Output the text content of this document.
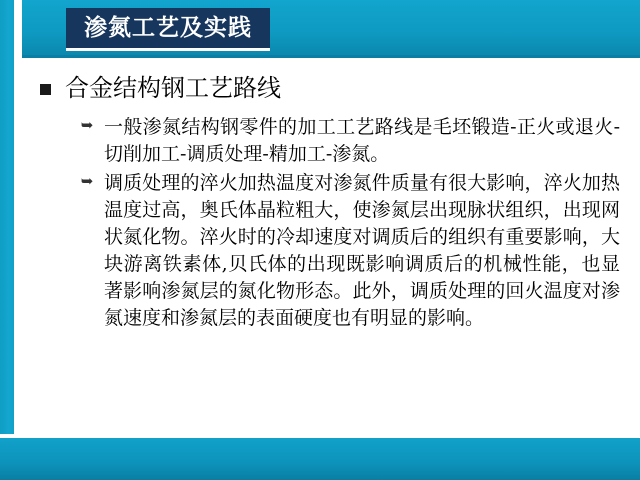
渗氮工艺及实践
合金结构钢工艺路线
➥ 一般渗氮结构钢零件的加工工艺路线是毛坯锻造-正火或退火-切削加工-调质处理-精加工-渗氮。
➥ 调质处理的淬火加热温度对渗氮件质量有很大影响，淬火加热温度过高，奥氏体晶粒粗大，使渗氮层出现脉状组织，出现网状氮化物。淬火时的冷却速度对调质后的组织有重要影响，大块游离铁素体,贝氏体的出现既影响调质后的机械性能，也显著影响渗氮层的氮化物形态。此外，调质处理的回火温度对渗氮速度和渗氮层的表面硬度也有明显的影响。
